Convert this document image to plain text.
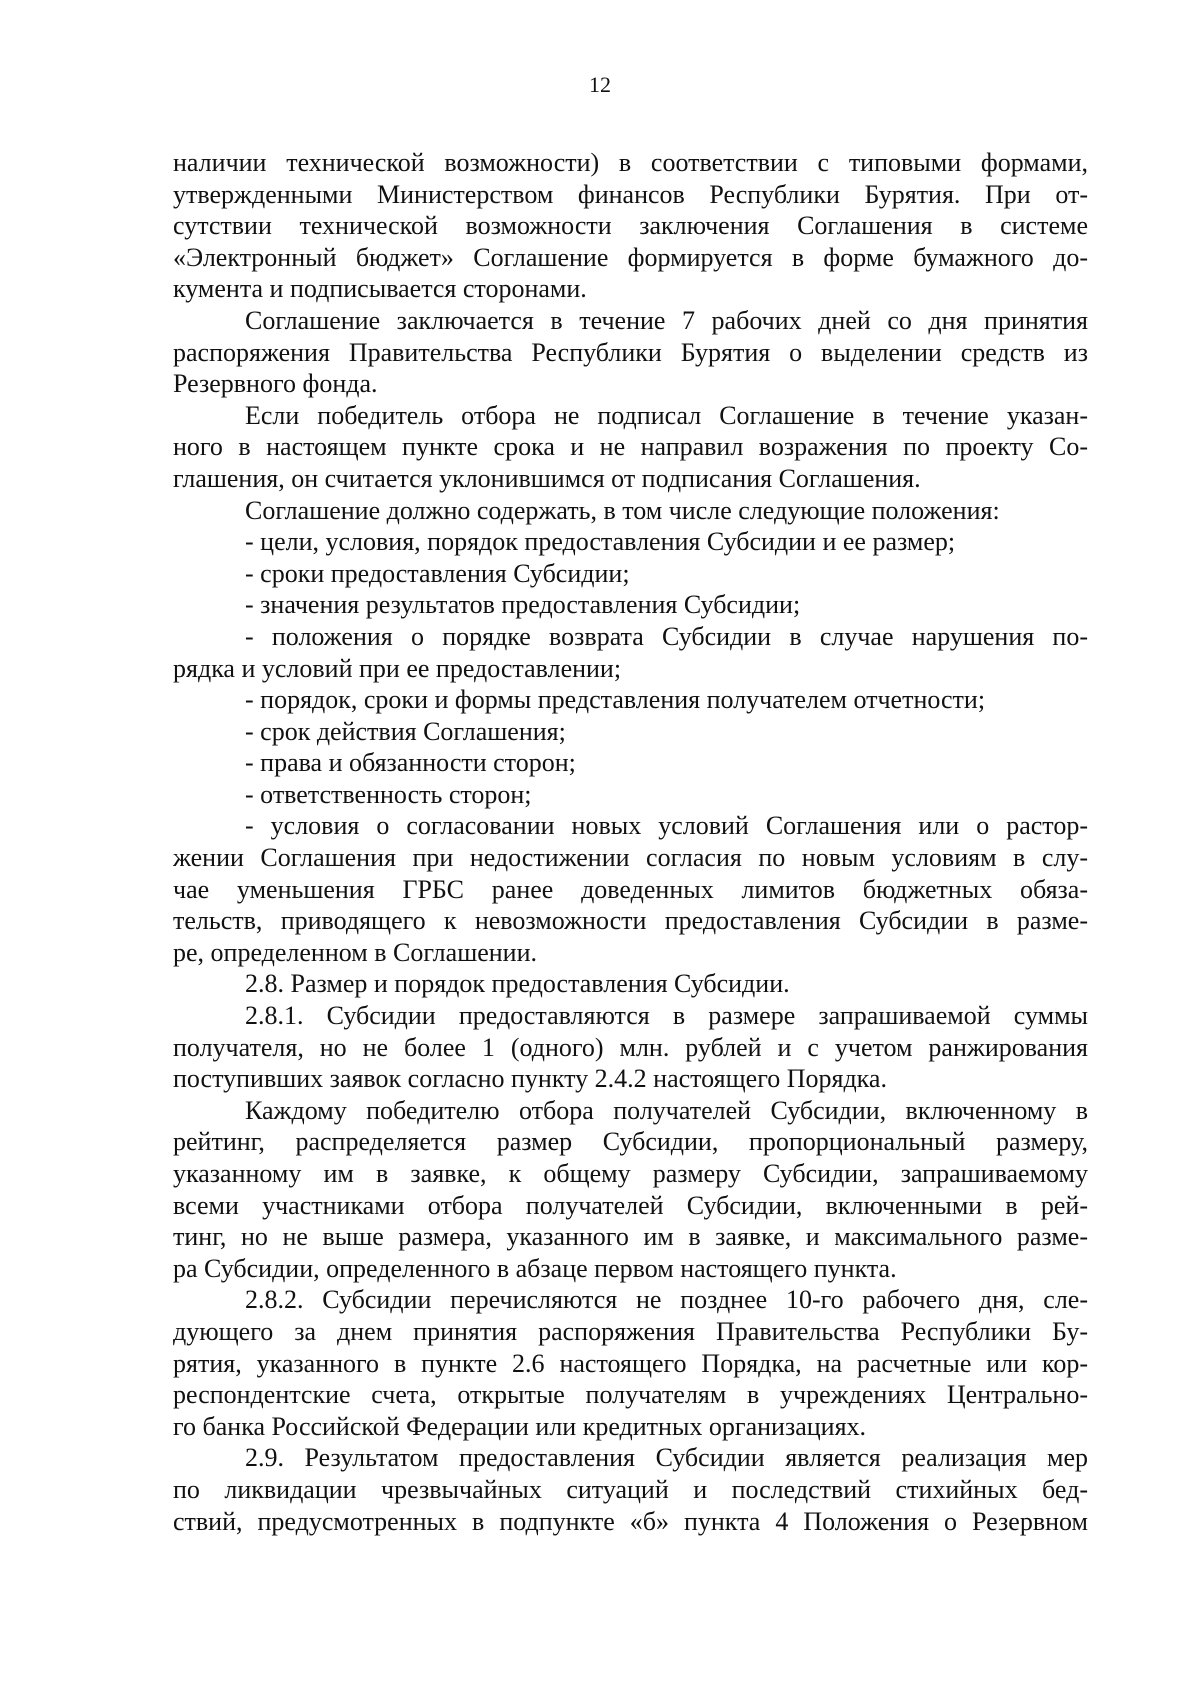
12
наличии технической возможности) в соответствии с типовыми формами,
утвержденными Министерством финансов Республики Бурятия. При от-
сутствии технической возможности заключения Соглашения в системе
«Электронный бюджет» Соглашение формируется в форме бумажного до-
кумента и подписывается сторонами.
Соглашение заключается в течение 7 рабочих дней со дня принятия
распоряжения Правительства Республики Бурятия о выделении средств из
Резервного фонда.
Если победитель отбора не подписал Соглашение в течение указан-
ного в настоящем пункте срока и не направил возражения по проекту Со-
глашения, он считается уклонившимся от подписания Соглашения.
Соглашение должно содержать, в том числе следующие положения:
- цели, условия, порядок предоставления Субсидии и ее размер;
- сроки предоставления Субсидии;
- значения результатов предоставления Субсидии;
- положения о порядке возврата Субсидии в случае нарушения по-
рядка и условий при ее предоставлении;
- порядок, сроки и формы представления получателем отчетности;
- срок действия Соглашения;
- права и обязанности сторон;
- ответственность сторон;
- условия о согласовании новых условий Соглашения или о растор-
жении Соглашения при недостижении согласия по новым условиям в слу-
чае уменьшения ГРБС ранее доведенных лимитов бюджетных обяза-
тельств, приводящего к невозможности предоставления Субсидии в разме-
ре, определенном в Соглашении.
2.8. Размер и порядок предоставления Субсидии.
2.8.1. Субсидии предоставляются в размере запрашиваемой суммы
получателя, но не более 1 (одного) млн. рублей и с учетом ранжирования
поступивших заявок согласно пункту 2.4.2 настоящего Порядка.
Каждому победителю отбора получателей Субсидии, включенному в
рейтинг, распределяется размер Субсидии, пропорциональный размеру,
указанному им в заявке, к общему размеру Субсидии, запрашиваемому
всеми участниками отбора получателей Субсидии, включенными в рей-
тинг, но не выше размера, указанного им в заявке, и максимального разме-
ра Субсидии, определенного в абзаце первом настоящего пункта.
2.8.2. Субсидии перечисляются не позднее 10-го рабочего дня, сле-
дующего за днем принятия распоряжения Правительства Республики Бу-
рятия, указанного в пункте 2.6 настоящего Порядка, на расчетные или кор-
респондентские счета, открытые получателям в учреждениях Центрально-
го банка Российской Федерации или кредитных организациях.
2.9. Результатом предоставления Субсидии является реализация мер
по ликвидации чрезвычайных ситуаций и последствий стихийных бед-
ствий, предусмотренных в подпункте «б» пункта 4 Положения о Резервном
